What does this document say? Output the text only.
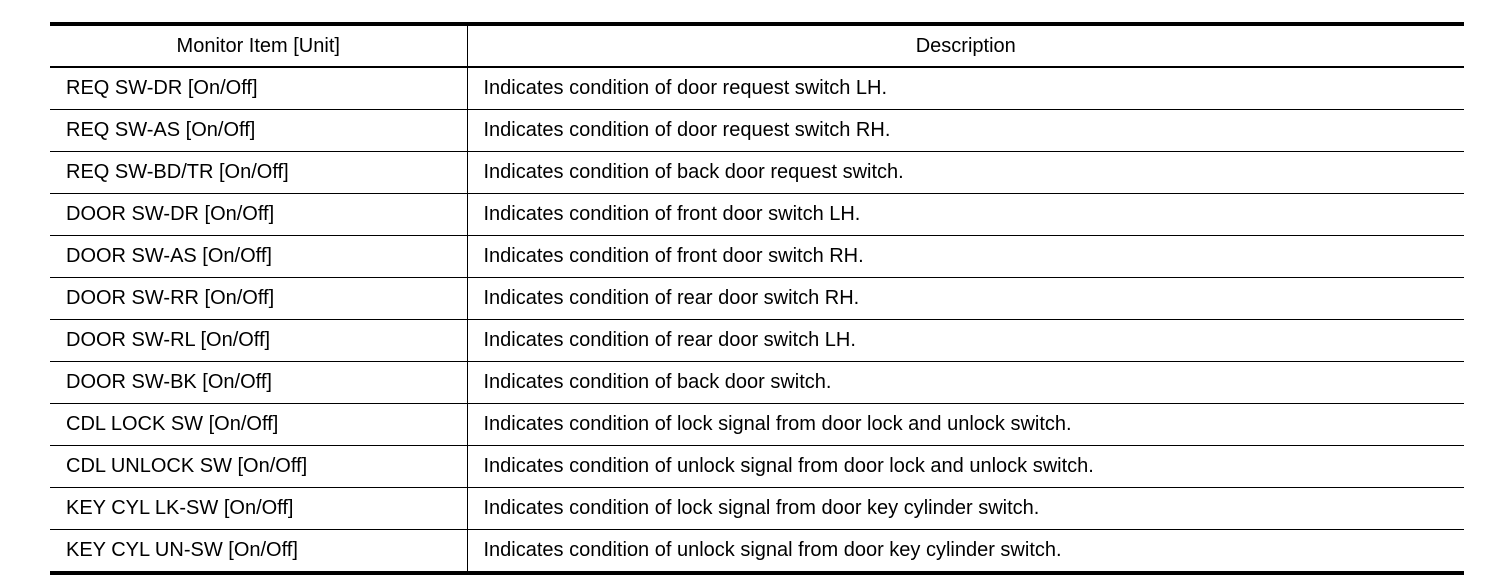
Monitor Item [Unit]	Description
REQ SW-DR [On/Off]	Indicates condition of door request switch LH.
REQ SW-AS [On/Off]	Indicates condition of door request switch RH.
REQ SW-BD/TR [On/Off]	Indicates condition of back door request switch.
DOOR SW-DR [On/Off]	Indicates condition of front door switch LH.
DOOR SW-AS [On/Off]	Indicates condition of front door switch RH.
DOOR SW-RR [On/Off]	Indicates condition of rear door switch RH.
DOOR SW-RL [On/Off]	Indicates condition of rear door switch LH.
DOOR SW-BK [On/Off]	Indicates condition of back door switch.
CDL LOCK SW [On/Off]	Indicates condition of lock signal from door lock and unlock switch.
CDL UNLOCK SW [On/Off]	Indicates condition of unlock signal from door lock and unlock switch.
KEY CYL LK-SW [On/Off]	Indicates condition of lock signal from door key cylinder switch.
KEY CYL UN-SW [On/Off]	Indicates condition of unlock signal from door key cylinder switch.
